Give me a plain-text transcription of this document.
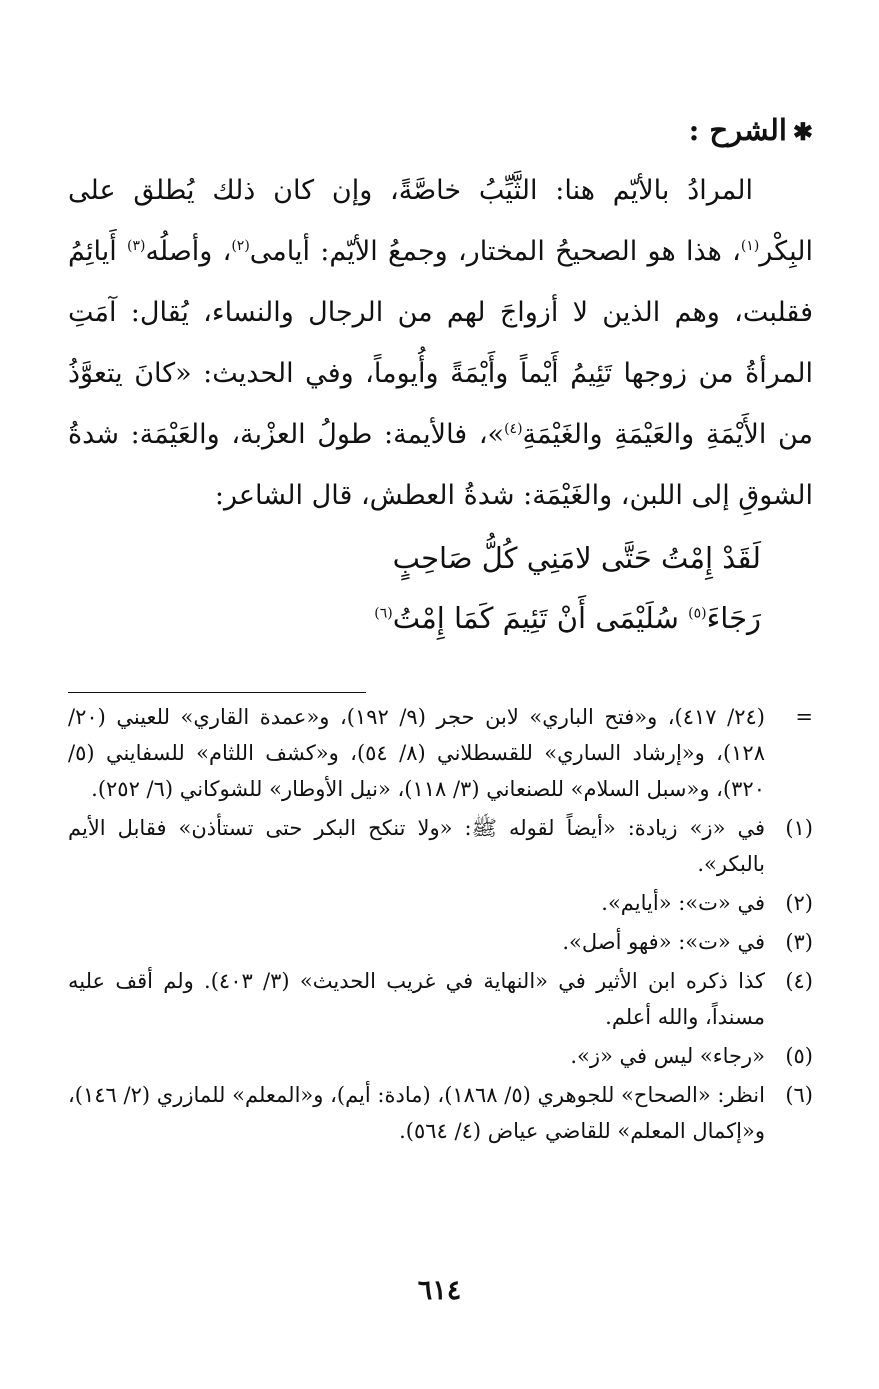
✱الشرح :

المرادُ بالأيّم هنا: الثَّيِّبُ خاصَّةً، وإن كان ذلك يُطلق على البِكْر$^{(١)}$، هذا هو الصحيحُ المختار، وجمعُ الأيّم: أيامى$^{(٢)}$، وأصلُه$^{(٣)}$ أَيائِمُ فقلبت، وهم الذين لا أزواجَ لهم من الرجال والنساء، يُقال: آمَتِ المرأةُ من زوجها تَئِيمُ أَيْماً وأَيْمَةً وأُيوماً، وفي الحديث: «كانَ يتعوَّذُ من الأَيْمَةِ والعَيْمَةِ والغَيْمَةِ$^{(٤)}$»، فالأيمة: طولُ العزْبة، والعَيْمَة: شدةُ الشوقِ إلى اللبن، والغَيْمَة: شدةُ العطش، قال الشاعر:

لَقَدْ إِمْتُ حَتَّى لامَنِي كُلُّ صَاحِبٍ
رَجَاءَ$^{(٥)}$ سُلَيْمَى أَنْ تَئِيمَ كَمَا إِمْتُ$^{(٦)}$
=
(٢٤/ ٤١٧)، و«فتح الباري» لابن حجر (٩/ ١٩٢)، و«عمدة القاري» للعيني (٢٠/ ١٢٨)، و«إرشاد الساري» للقسطلاني (٨/ ٥٤)، و«كشف اللثام» للسفايني (٥/ ٣٢٠)، و«سبل السلام» للصنعاني (٣/ ١١٨)، «نيل الأوطار» للشوكاني (٦/ ٢٥٢).
(١)
في «ز» زيادة: «أيضاً لقوله ﷺ: «ولا تنكح البكر حتى تستأذن» فقابل الأيم بالبكر».
(٢)
في «ت»: «أيايم».
(٣)
في «ت»: «فهو أصل».
(٤)
كذا ذكره ابن الأثير في «النهاية في غريب الحديث» (٣/ ٤٠٣). ولم أقف عليه مسنداً، والله أعلم.
(٥)
«رجاء» ليس في «ز».
(٦)
انظر: «الصحاح» للجوهري (٥/ ١٨٦٨)، (مادة: أيم)، و«المعلم» للمازري (٢/ ١٤٦)، و«إكمال المعلم» للقاضي عياض (٤/ ٥٦٤).
٦١٤
